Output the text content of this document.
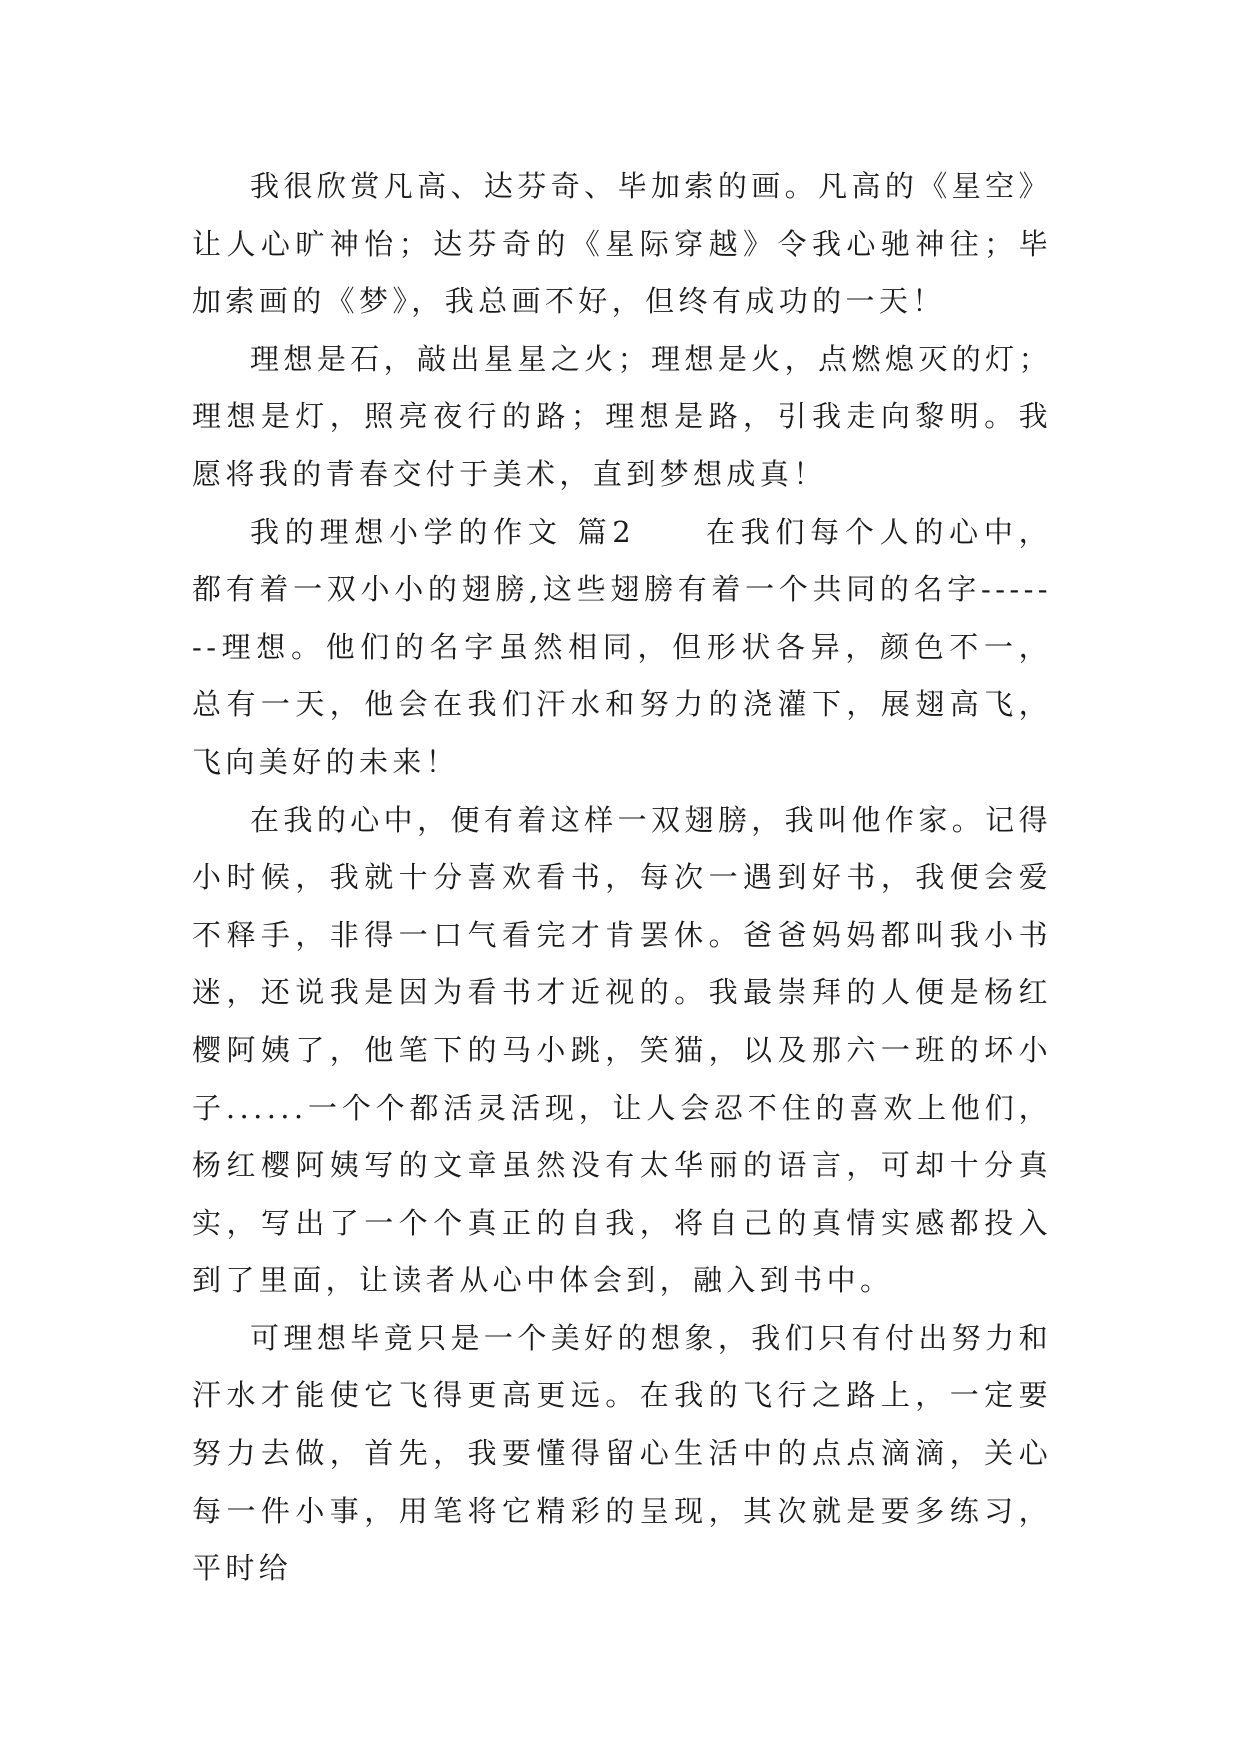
我很欣赏凡高、达芬奇、毕加索的画。凡高的《星空》让人心旷神怡；达芬奇的《星际穿越》令我心驰神往；毕加索画的《梦》，我总画不好，但终有成功的一天！

理想是石，敲出星星之火；理想是火，点燃熄灭的灯；理想是灯，照亮夜行的路；理想是路，引我走向黎明。我愿将我的青春交付于美术，直到梦想成真！

我的理想小学的作文 篇2　　在我们每个人的心中，都有着一双小小的翅膀,这些翅膀有着一个共同的名字-------理想。他们的名字虽然相同，但形状各异，颜色不一，总有一天，他会在我们汗水和努力的浇灌下，展翅高飞，飞向美好的未来！

在我的心中，便有着这样一双翅膀，我叫他作家。记得小时候，我就十分喜欢看书，每次一遇到好书，我便会爱不释手，非得一口气看完才肯罢休。爸爸妈妈都叫我小书迷，还说我是因为看书才近视的。我最崇拜的人便是杨红樱阿姨了，他笔下的马小跳，笑猫，以及那六一班的坏小子......一个个都活灵活现，让人会忍不住的喜欢上他们，杨红樱阿姨写的文章虽然没有太华丽的语言，可却十分真实，写出了一个个真正的自我，将自己的真情实感都投入到了里面，让读者从心中体会到，融入到书中。

可理想毕竟只是一个美好的想象，我们只有付出努力和汗水才能使它飞得更高更远。在我的飞行之路上，一定要努力去做，首先，我要懂得留心生活中的点点滴滴，关心每一件小事，用笔将它精彩的呈现，其次就是要多练习，平时给
